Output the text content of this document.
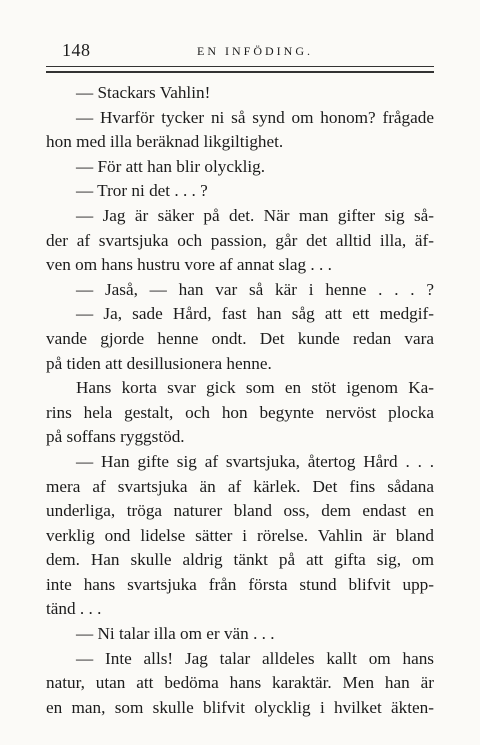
148	EN INFÖDING.
— Stackars Vahlin!
— Hvarför tycker ni så synd om honom? frågade
hon med illa beräknad likgiltighet.
— För att han blir olycklig.
— Tror ni det . . . ?
— Jag är säker på det. När man gifter sig så-
der af svartsjuka och passion, går det alltid illa, äf-
ven om hans hustru vore af annat slag . . .
— Jaså, — han var så kär i henne . . . ?
— Ja, sade Hård, fast han såg att ett medgif-
vande gjorde henne ondt. Det kunde redan vara
på tiden att desillusionera henne.
Hans korta svar gick som en stöt igenom Ka-
rins hela gestalt, och hon begynte nervöst plocka
på soffans ryggstöd.
— Han gifte sig af svartsjuka, återtog Hård . . .
mera af svartsjuka än af kärlek. Det fins sådana
underliga, tröga naturer bland oss, dem endast en
verklig ond lidelse sätter i rörelse. Vahlin är bland
dem. Han skulle aldrig tänkt på att gifta sig, om
inte hans svartsjuka från första stund blifvit upp-
tänd . . .
— Ni talar illa om er vän . . .
— Inte alls! Jag talar alldeles kallt om hans
natur, utan att bedöma hans karaktär. Men han är
en man, som skulle blifvit olycklig i hvilket äkten-
